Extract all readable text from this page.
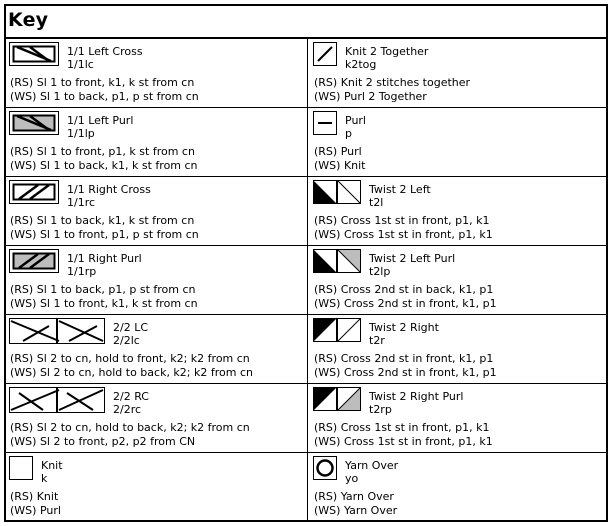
Key
1/1 Left Cross
1/1lc
(RS) Sl 1 to front, k1, k st from cn
(WS) Sl 1 to back, p1, p st from cn
Knit 2 Together
k2tog
(RS) Knit 2 stitches together
(WS) Purl 2 Together
1/1 Left Purl
1/1lp
(RS) Sl 1 to front, p1, k st from cn
(WS) Sl 1 to back, k1, k st from cn
Purl
p
(RS) Purl
(WS) Knit
1/1 Right Cross
1/1rc
(RS) Sl 1 to back, k1, k st from cn
(WS) Sl 1 to front, p1, p st from cn
Twist 2 Left
t2l
(RS) Cross 1st st in front, p1, k1
(WS) Cross 1st st in front, p1, k1
1/1 Right Purl
1/1rp
(RS) Sl 1 to back, p1, p st from cn
(WS) Sl 1 to front, k1, k st from cn
Twist 2 Left Purl
t2lp
(RS) Cross 2nd st in back, k1, p1
(WS) Cross 2nd st in front, k1, p1
2/2 LC
2/2lc
(RS) Sl 2 to cn, hold to front, k2; k2 from cn
(WS) Sl 2 to cn, hold to back, k2; k2 from cn
Twist 2 Right
t2r
(RS) Cross 2nd st in front, k1, p1
(WS) Cross 2nd st in front, k1, p1
2/2 RC
2/2rc
(RS) Sl 2 to cn, hold to back, k2; k2 from cn
(WS) Sl 2 to front, p2, p2 from CN
Twist 2 Right Purl
t2rp
(RS) Cross 1st st in front, p1, k1
(WS) Cross 1st st in front, p1, k1
Knit
k
(RS) Knit
(WS) Purl
Yarn Over
yo
(RS) Yarn Over
(WS) Yarn Over
